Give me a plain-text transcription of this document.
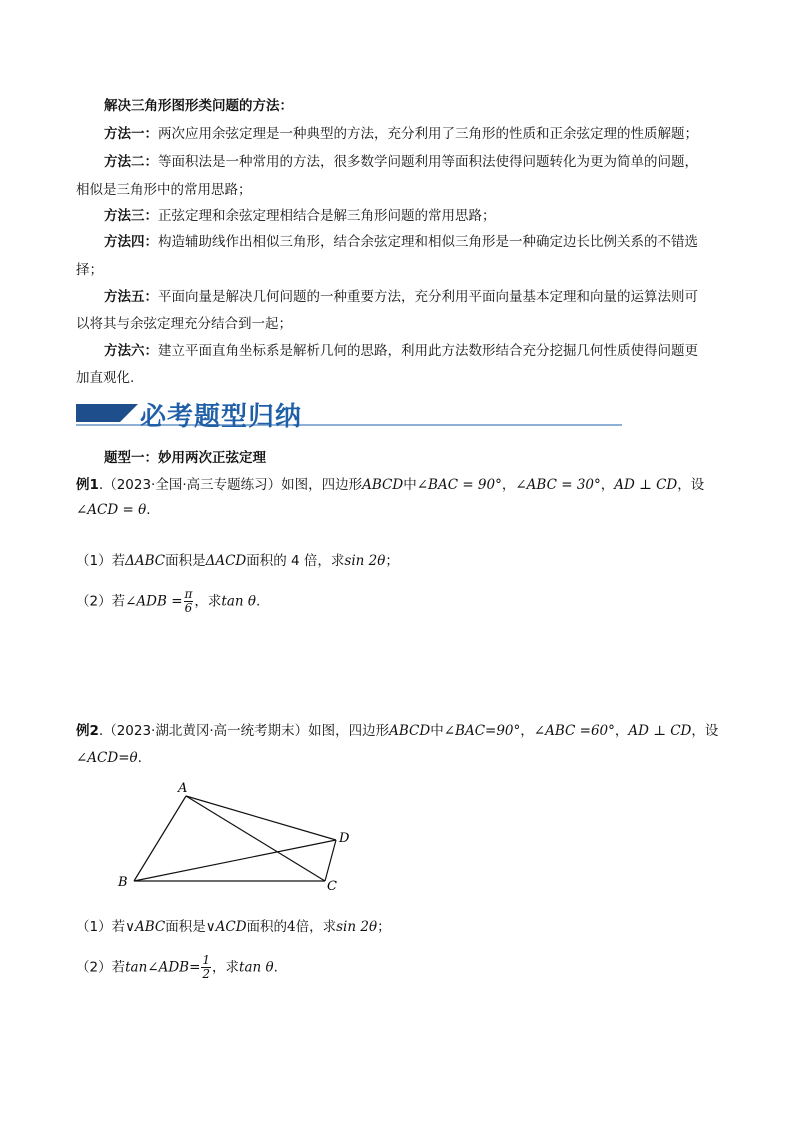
解决三角形图形类问题的方法：
方法一：两次应用余弦定理是一种典型的方法，充分利用了三角形的性质和正余弦定理的性质解题；
方法二：等面积法是一种常用的方法，很多数学问题利用等面积法使得问题转化为更为简单的问题，
相似是三角形中的常用思路；
方法三：正弦定理和余弦定理相结合是解三角形问题的常用思路；
方法四：构造辅助线作出相似三角形，结合余弦定理和相似三角形是一种确定边长比例关系的不错选
择；
方法五：平面向量是解决几何问题的一种重要方法，充分利用平面向量基本定理和向量的运算法则可
以将其与余弦定理充分结合到一起；
方法六：建立平面直角坐标系是解析几何的思路，利用此方法数形结合充分挖掘几何性质使得问题更
加直观化.
必考题型归纳
题型一：妙用两次正弦定理
例1.（2023·全国·高三专题练习）如图，四边形ABCD中∠BAC = 90°，∠ABC = 30°，AD ⊥ CD，设
∠ACD = θ.
（1）若ΔABC面积是ΔACD面积的 4 倍，求sin 2θ；
（2）若∠ADB = $\frac{\pi}{6}$ ，求tan θ.
例2.（2023·湖北黄冈·高一统考期末）如图，四边形ABCD中∠BAC=90°，∠ABC =60°，AD ⊥ CD，设
∠ACD=θ.
A
B	C
D
（1）若∨ABC面积是∨ACD面积的4倍，求sin 2θ；
（2）若tan∠ADB= $\frac{1}{2}$ ，求tan θ.
